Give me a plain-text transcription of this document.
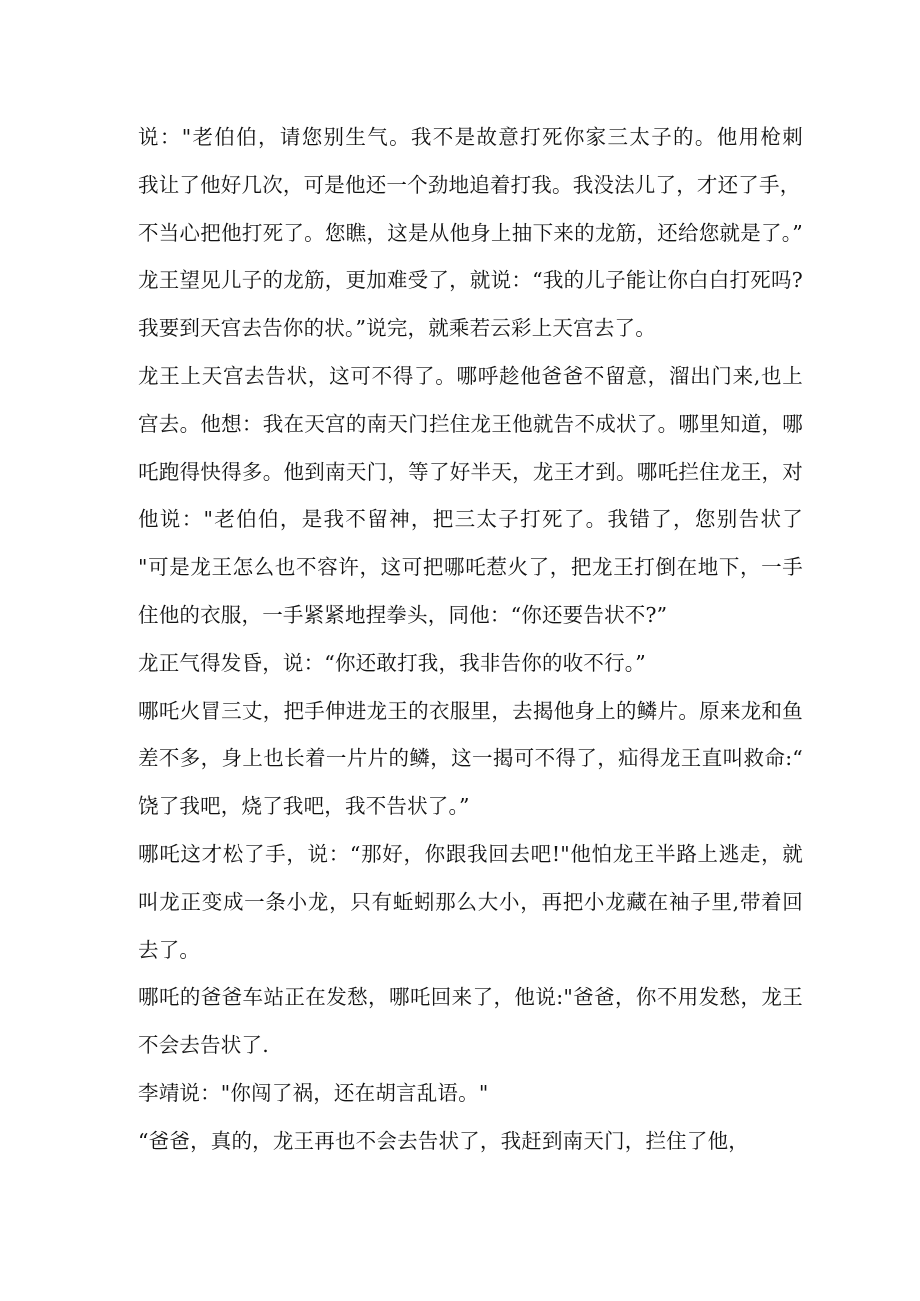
说："老伯伯，请您别生气。我不是故意打死你家三太子的。他用枪刺
我让了他好几次，可是他还一个劲地追着打我。我没法儿了，才还了手，
不当心把他打死了。您瞧，这是从他身上抽下来的龙筋，还给您就是了。”
龙王望见儿子的龙筋，更加难受了，就说：“我的儿子能让你白白打死吗?
我要到天宫去告你的状。”说完，就乘若云彩上天宫去了。
龙王上天宫去告状，这可不得了。哪呼趁他爸爸不留意，溜出门来,也上
宫去。他想：我在天宫的南天门拦住龙王他就告不成状了。哪里知道，哪
吒跑得快得多。他到南天门，等了好半天，龙王才到。哪吒拦住龙王，对
他说："老伯伯，是我不留神，把三太子打死了。我错了，您别告状了
"可是龙王怎么也不容许，这可把哪吒惹火了，把龙王打倒在地下，一手
住他的衣服，一手紧紧地捏拳头，同他：“你还要告状不?”
龙正气得发昏，说：“你还敢打我，我非告你的收不行。”
哪吒火冒三丈，把手伸进龙王的衣服里，去揭他身上的鳞片。原来龙和鱼
差不多，身上也长着一片片的鳞，这一揭可不得了，疝得龙王直叫救命:“
饶了我吧，烧了我吧，我不告状了。”
哪吒这才松了手，说：“那好，你跟我回去吧!"他怕龙王半路上逃走，就
叫龙正变成一条小龙，只有蚯蚓那么大小，再把小龙藏在袖子里,带着回
去了。
哪吒的爸爸车站正在发愁，哪吒回来了，他说:"爸爸，你不用发愁，龙王
不会去告状了.
李靖说："你闯了祸，还在胡言乱语。"
“爸爸，真的，龙王再也不会去告状了，我赶到南天门，拦住了他，
